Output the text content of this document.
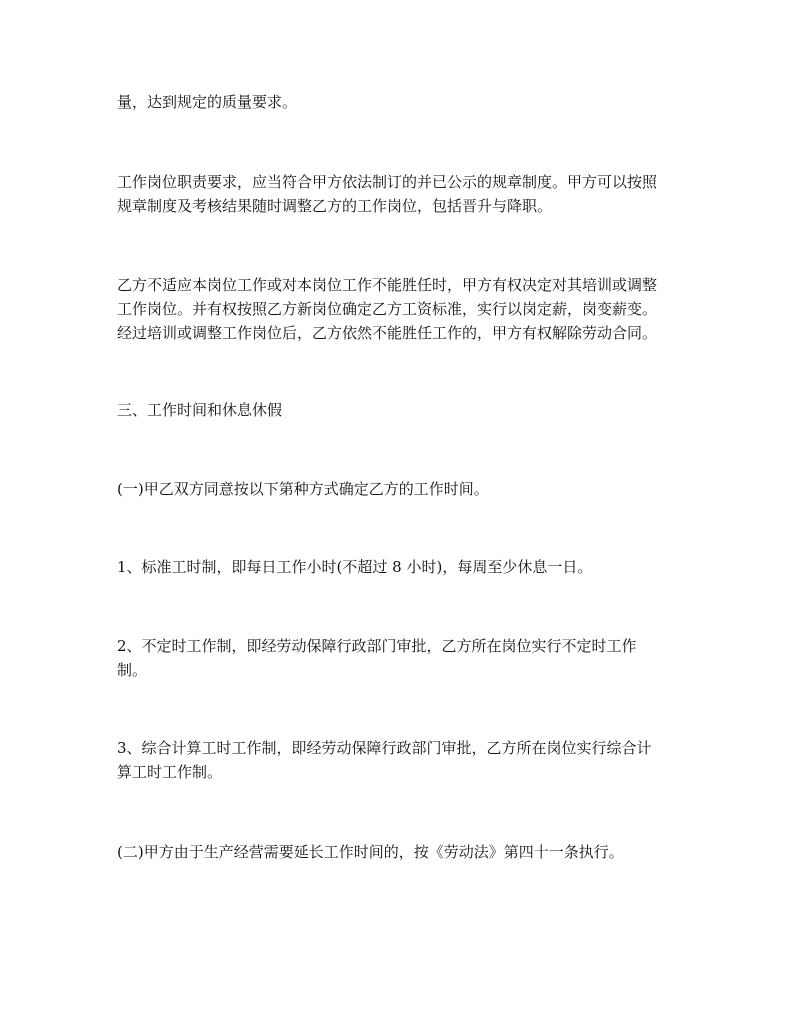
量，达到规定的质量要求。

工作岗位职责要求，应当符合甲方依法制订的并已公示的规章制度。甲方可以按照
规章制度及考核结果随时调整乙方的工作岗位，包括晋升与降职。

乙方不适应本岗位工作或对本岗位工作不能胜任时，甲方有权决定对其培训或调整
工作岗位。并有权按照乙方新岗位确定乙方工资标准，实行以岗定薪，岗变薪变。
经过培训或调整工作岗位后，乙方依然不能胜任工作的，甲方有权解除劳动合同。

三、工作时间和休息休假

(一)甲乙双方同意按以下第种方式确定乙方的工作时间。

1、标准工时制，即每日工作小时(不超过 8 小时)，每周至少休息一日。

2、不定时工作制，即经劳动保障行政部门审批，乙方所在岗位实行不定时工作
制。

3、综合计算工时工作制，即经劳动保障行政部门审批，乙方所在岗位实行综合计
算工时工作制。

(二)甲方由于生产经营需要延长工作时间的，按《劳动法》第四十一条执行。
